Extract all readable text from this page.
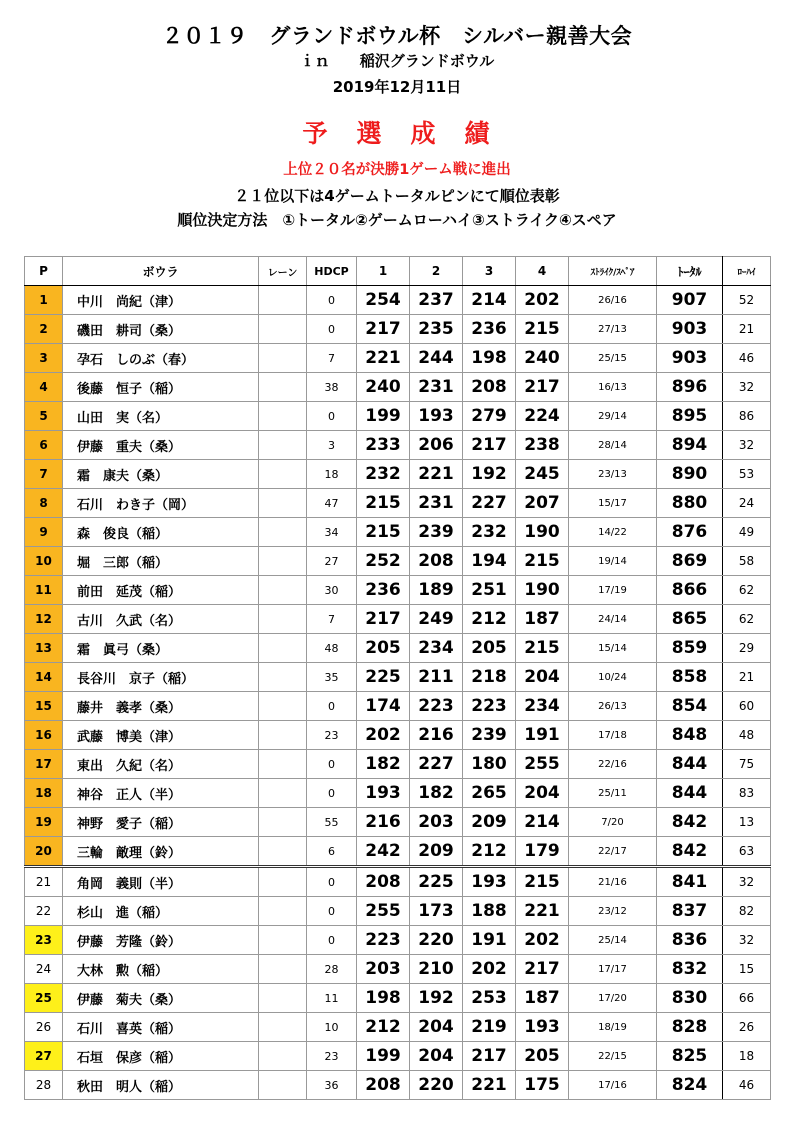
２０１９　グランドボウル杯　シルバー親善大会
ｉｎ　　稲沢グランドボウル
2019年12月11日
予　選　成　績
上位２０名が決勝1ゲーム戦に進出
２１位以下は4ゲームトータルピンにて順位表彰
順位決定方法　①トータル②ゲームローハイ③ストライク④スペア
P	ボウラ	レーン	HDCP	1	2	3	4	ｽﾄﾗｲｸ/ｽﾍﾟｱ	ﾄｰﾀﾙ	ﾛｰﾊｲ
1	中川　尚紀（津）		0	254	237	214	202	26/16	907	52
2	磯田　耕司（桑）		0	217	235	236	215	27/13	903	21
3	孕石　しのぶ（春）		7	221	244	198	240	25/15	903	46
4	後藤　恒子（稲）		38	240	231	208	217	16/13	896	32
5	山田　実（名）		0	199	193	279	224	29/14	895	86
6	伊藤　重夫（桑）		3	233	206	217	238	28/14	894	32
7	霜　康夫（桑）		18	232	221	192	245	23/13	890	53
8	石川　わき子（岡）		47	215	231	227	207	15/17	880	24
9	森　俊良（稲）		34	215	239	232	190	14/22	876	49
10	堀　三郎（稲）		27	252	208	194	215	19/14	869	58
11	前田　延茂（稲）		30	236	189	251	190	17/19	866	62
12	古川　久武（名）		7	217	249	212	187	24/14	865	62
13	霜　眞弓（桑）		48	205	234	205	215	15/14	859	29
14	長谷川　京子（稲）		35	225	211	218	204	10/24	858	21
15	藤井　義孝（桑）		0	174	223	223	234	26/13	854	60
16	武藤　博美（津）		23	202	216	239	191	17/18	848	48
17	東出　久紀（名）		0	182	227	180	255	22/16	844	75
18	神谷　正人（半）		0	193	182	265	204	25/11	844	83
19	神野　愛子（稲）		55	216	203	209	214	7/20	842	13
20	三輪　敵理（鈴）		6	242	209	212	179	22/17	842	63
21	角岡　義則（半）		0	208	225	193	215	21/16	841	32
22	杉山　進（稲）		0	255	173	188	221	23/12	837	82
23	伊藤　芳隆（鈴）		0	223	220	191	202	25/14	836	32
24	大林　勲（稲）		28	203	210	202	217	17/17	832	15
25	伊藤　菊夫（桑）		11	198	192	253	187	17/20	830	66
26	石川　喜英（稲）		10	212	204	219	193	18/19	828	26
27	石垣　保彦（稲）		23	199	204	217	205	22/15	825	18
28	秋田　明人（稲）		36	208	220	221	175	17/16	824	46
